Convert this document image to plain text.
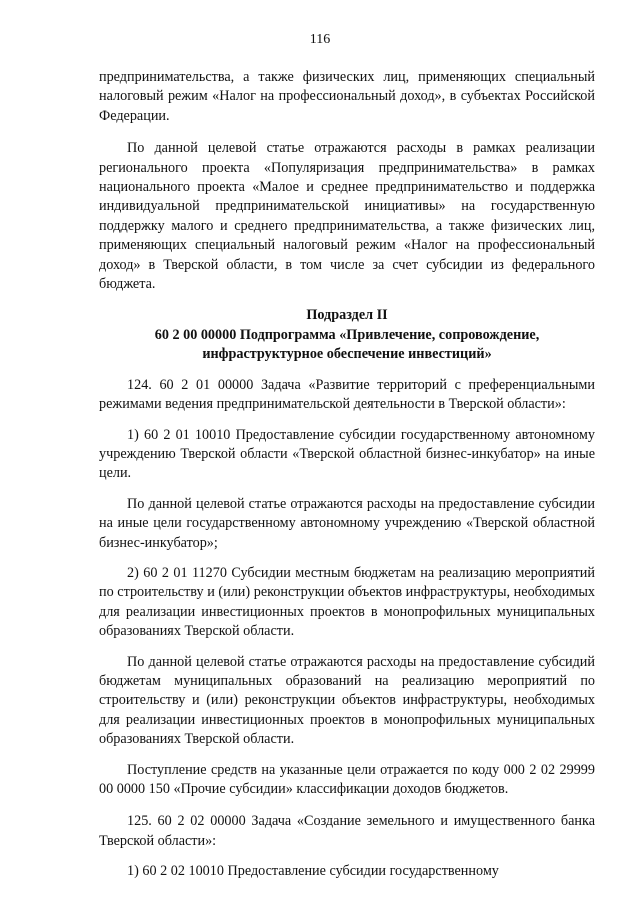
116

предпринимательства, а также физических лиц, применяющих специальный налоговый режим «Налог на профессиональный доход», в субъектах Российской Федерации.

По данной целевой статье отражаются расходы в рамках реализации регионального проекта «Популяризация предпринимательства» в рамках национального проекта «Малое и среднее предпринимательство и поддержка индивидуальной предпринимательской инициативы» на государственную поддержку малого и среднего предпринимательства, а также физических лиц, применяющих специальный налоговый режим «Налог на профессиональный доход» в Тверской области, в том числе за счет субсидии из федерального бюджета.

Подраздел II

60 2 00 00000 Подпрограмма «Привлечение, сопровождение,

инфраструктурное обеспечение инвестиций»

124. 60 2 01 00000 Задача «Развитие территорий с преференциальными режимами ведения предпринимательской деятельности в Тверской области»:

1) 60 2 01 10010 Предоставление субсидии государственному автономному учреждению Тверской области «Тверской областной бизнес-инкубатор» на иные цели.

По данной целевой статье отражаются расходы на предоставление субсидии на иные цели государственному автономному учреждению «Тверской областной бизнес-инкубатор»;

2) 60 2 01 11270 Субсидии местным бюджетам на реализацию мероприятий по строительству и (или) реконструкции объектов инфраструктуры, необходимых для реализации инвестиционных проектов в монопрофильных муниципальных образованиях Тверской области.

По данной целевой статье отражаются расходы на предоставление субсидий бюджетам муниципальных образований на реализацию мероприятий по строительству и (или) реконструкции объектов инфраструктуры, необходимых для реализации инвестиционных проектов в монопрофильных муниципальных образованиях Тверской области.

Поступление средств на указанные цели отражается по коду 000 2 02 29999 00 0000 150 «Прочие субсидии» классификации доходов бюджетов.

125. 60 2 02 00000 Задача «Создание земельного и имущественного банка Тверской области»:

1) 60 2 02 10010 Предоставление субсидии государственному
